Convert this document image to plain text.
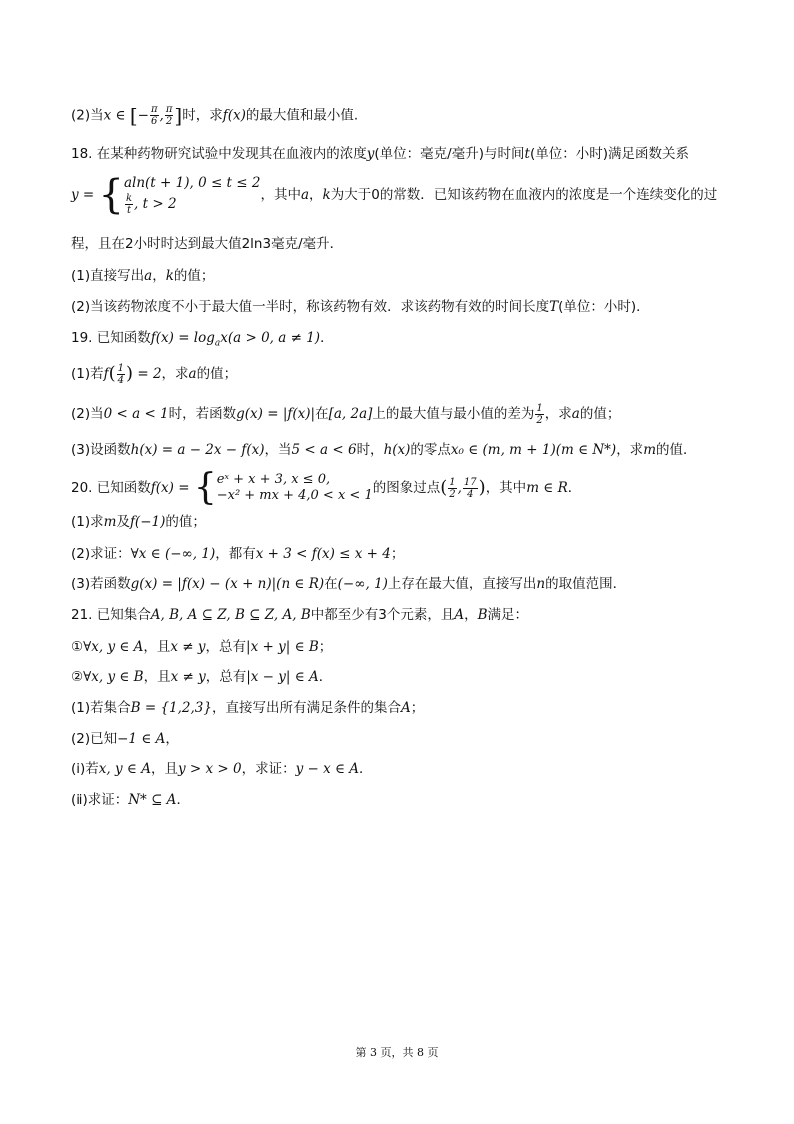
(2)当x ∈ [− $\frac{\pi}{6}$ , $\frac{\pi}{2}$ ]时，求f(x)的最大值和最小值.
18. 在某种药物研究试验中发现其在血液内的浓度y(单位：毫克/毫升)与时间t(单位：小时)满足函数关系
y = { aln(t + 1), 0 ≤ t ≤ 2
$\frac{k}{t}$ , t > 2
，其中a，k为大于0的常数．已知该药物在血液内的浓度是一个连续变化的过
程，且在2小时时达到最大值2ln3毫克/毫升．
(1)直接写出a，k的值；
(2)当该药物浓度不小于最大值一半时，称该药物有效．求该药物有效的时间长度T(单位：小时)．
19. 已知函数$f(x) = \log_ax(a > 0$, a ≠ 1)．
(1)若$f( \frac{1}{4}$ ) = 2，求a的值；
(2)当0 < a < 1时，若函数g(x) = |f(x)|在[a, 2a]上的最大值与最小值的差为 $\frac{1}{2}$ ，求a的值；
(3)设函数h(x) = a − 2x − f(x)，当5 < a < 6时，h(x)的零点x₀ ∈ (m, m + 1)(m ∈ N*)，求m的值．
20. 已知函数f(x) = { eˣ + x + 3, x ≤ 0,
−x² + mx + 4,0 < x < 1 的图象过点( $\frac{1}{2}$ , $\frac{17}{4}$ )，其中m ∈ R．
(1)求m及f(−1)的值；
(2)求证：∀x ∈ (−∞, 1)，都有x + 3 < f(x) ≤ x + 4；
(3)若函数g(x) = |f(x) − (x + n)|(n ∈ R)在(−∞, 1)上存在最大值，直接写出n的取值范围．
21. 已知集合A, B, A ⊆ Z, B ⊆ Z, A, B中都至少有3个元素，且A，B满足：
①∀x, y ∈ A，且x ≠ y，总有|x + y| ∈ B；
②∀x, y ∈ B，且x ≠ y，总有|x − y| ∈ A．
(1)若集合B = {1,2,3}，直接写出所有满足条件的集合A；
(2)已知−1 ∈ A，
(ⅰ)若x, y ∈ A，且y > x > 0，求证：y − x ∈ A．
(ⅱ)求证：N* ⊆ A．
第 3 页，共 8 页
